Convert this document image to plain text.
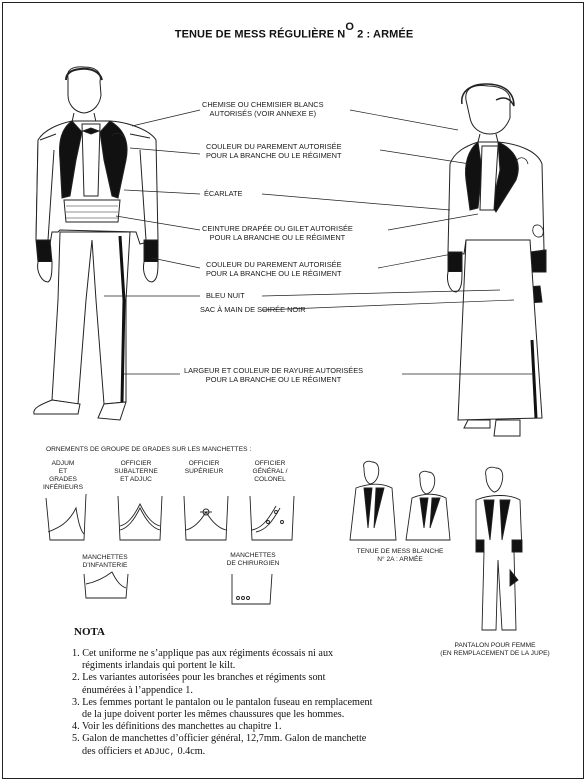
TENUE DE MESS RÉGULIÈRE $N^O$ 2 : ARMÉE
CHEMISE OU CHEMISIER BLANCS
AUTORISÉS (VOIR ANNEXE E)
COULEUR DU PAREMENT AUTORISÉE
POUR LA BRANCHE OU LE RÉGIMENT
ÉCARLATE
CEINTURE DRAPÉE OU GILET AUTORISÉE
POUR LA BRANCHE OU LE RÉGIMENT
COULEUR DU PAREMENT AUTORISÉE
POUR LA BRANCHE OU LE RÉGIMENT
BLEU NUIT
SAC À MAIN DE SOIRÉE NOIR
LARGEUR ET COULEUR DE RAYURE AUTORISÉES
POUR LA BRANCHE OU LE RÉGIMENT
ORNEMENTS DE GROUPE DE GRADES SUR LES MANCHETTES :
ADJUM
ET
GRADES
INFÉRIEURS
OFFICIER
SUBALTERNE
ET ADJUC
OFFICIER
SUPÉRIEUR
OFFICIER
GÉNÉRAL /
COLONEL
MANCHETTES
D'INFANTERIE
MANCHETTES
DE CHIRURGIEN
TENUE DE MESS BLANCHE
N° 2A : ARMÉE
PANTALON POUR FEMME
(EN REMPLACEMENT DE LA JUPE)
NOTA
1. Cet uniforme ne s’applique pas aux régiments écossais ni aux
régiments irlandais qui portent le kilt.
2. Les variantes autorisées pour les branches et régiments sont
énumérées à l’appendice 1.
3. Les femmes portant le pantalon ou le pantalon fuseau en remplacement
de la jupe doivent porter les mêmes chaussures que les hommes.
4. Voir les définitions des manchettes au chapitre 1.
5. Galon de manchettes d’officier général, 12,7mm. Galon de manchette
des officiers et ADJUC, 0.4cm.
